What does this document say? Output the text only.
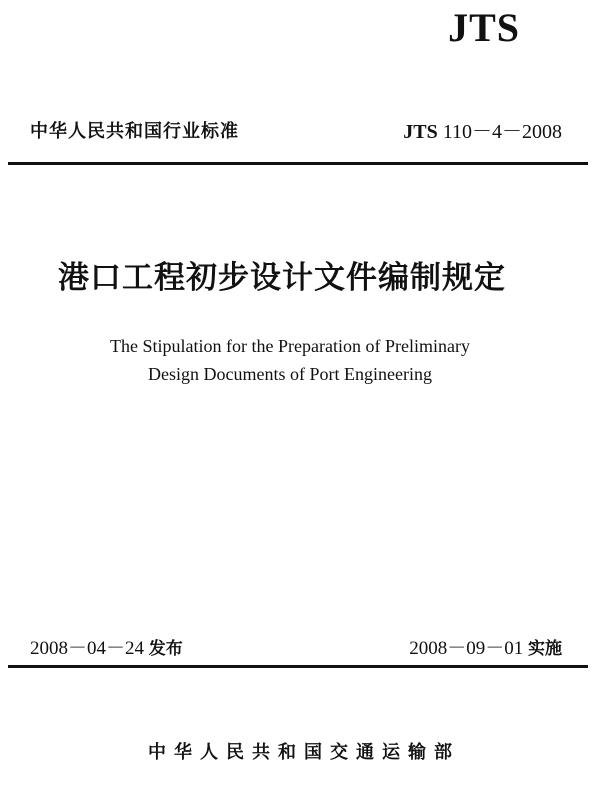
JTS
中华人民共和国行业标准	JTS 110－4－2008
港口工程初步设计文件编制规定
The Stipulation for the Preparation of Preliminary
Design Documents of Port Engineering
2008－04－24 发布	2008－09－01 实施
中华人民共和国交通运输部
